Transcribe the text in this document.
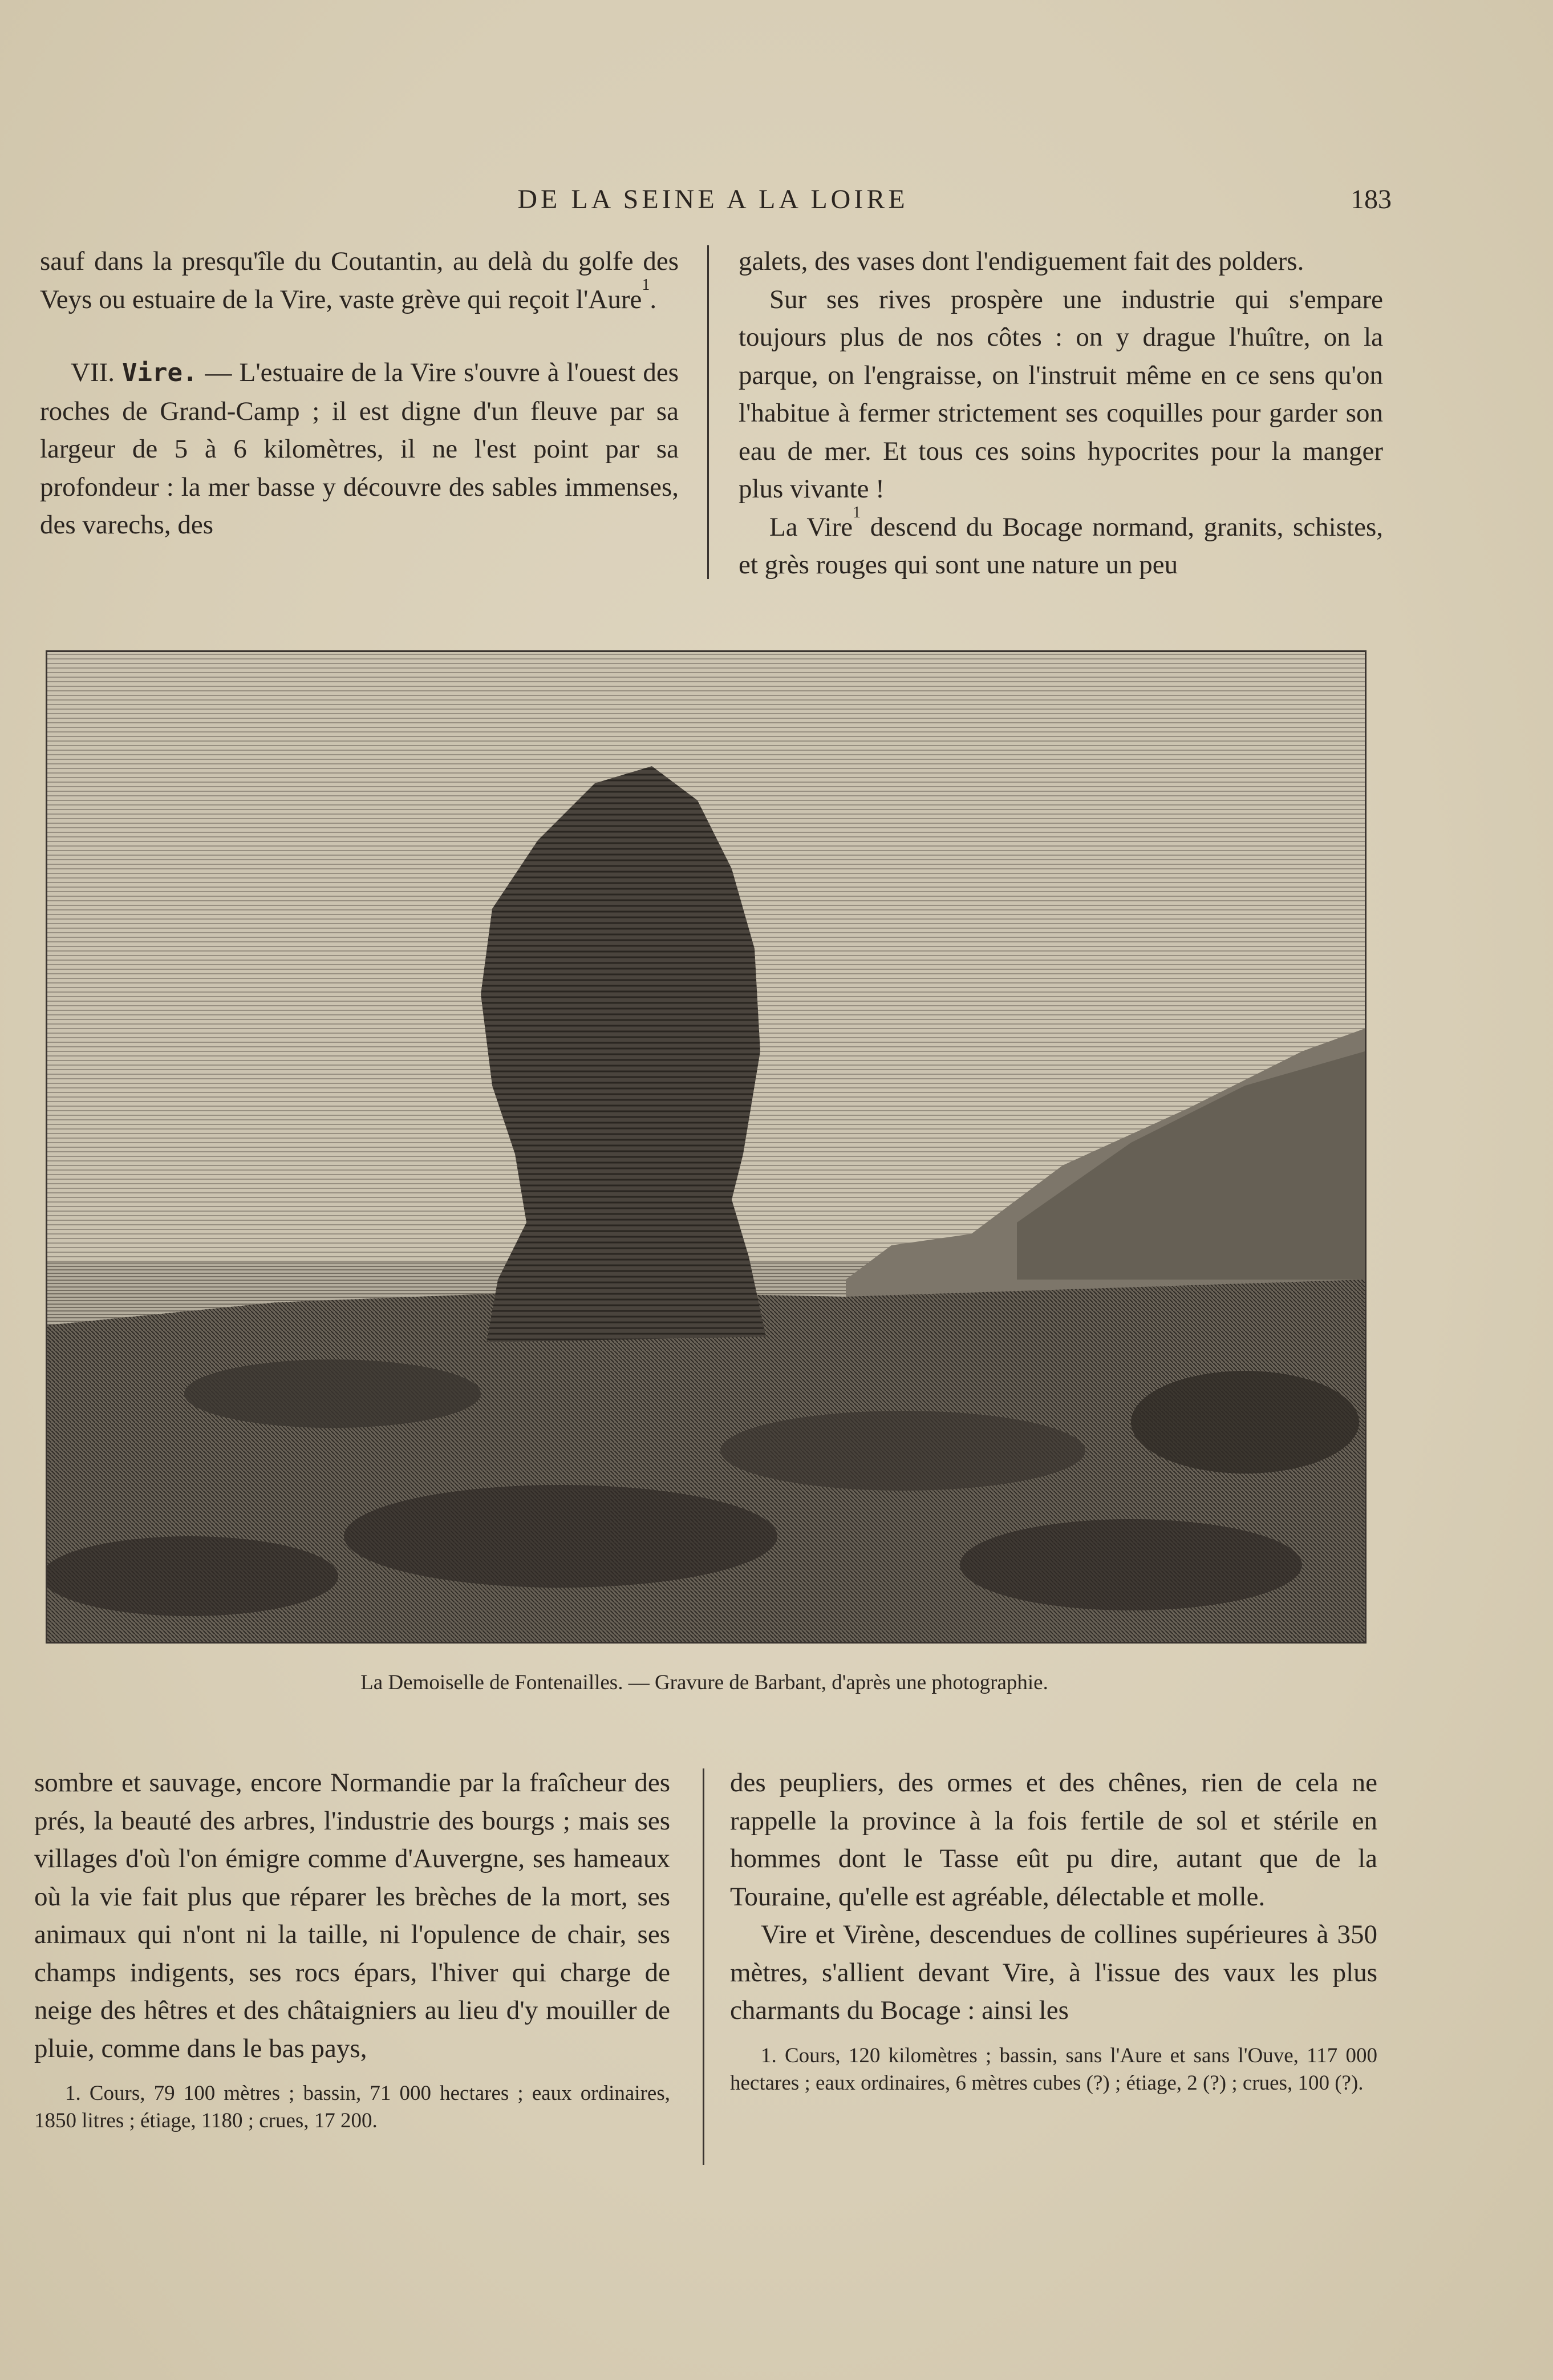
DE LA SEINE A LA LOIRE	183

sauf dans la presqu'île du Coutantin, au delà du golfe des Veys ou estuaire de la Vire, vaste grève qui reçoit l'Aure$^1$.

VII. Vire. — L'estuaire de la Vire s'ouvre à l'ouest des roches de Grand-Camp ; il est digne d'un fleuve par sa largeur de 5 à 6 kilomètres, il ne l'est point par sa profondeur : la mer basse y découvre des sables immenses, des varechs, des

galets, des vases dont l'endiguement fait des polders.

Sur ses rives prospère une industrie qui s'empare toujours plus de nos côtes : on y drague l'huître, on la parque, on l'engraisse, on l'instruit même en ce sens qu'on l'habitue à fermer strictement ses coquilles pour garder son eau de mer. Et tous ces soins hypocrites pour la manger plus vivante !

La Vire$^1$ descend du Bocage normand, granits, schistes, et grès rouges qui sont une nature un peu

La Demoiselle de Fontenailles. — Gravure de Barbant, d'après une photographie.

sombre et sauvage, encore Normandie par la fraîcheur des prés, la beauté des arbres, l'industrie des bourgs ; mais ses villages d'où l'on émigre comme d'Auvergne, ses hameaux où la vie fait plus que réparer les brèches de la mort, ses animaux qui n'ont ni la taille, ni l'opulence de chair, ses champs indigents, ses rocs épars, l'hiver qui charge de neige des hêtres et des châtaigniers au lieu d'y mouiller de pluie, comme dans le bas pays,

1. Cours, 79 100 mètres ; bassin, 71 000 hectares ; eaux ordinaires, 1850 litres ; étiage, 1180 ; crues, 17 200.

des peupliers, des ormes et des chênes, rien de cela ne rappelle la province à la fois fertile de sol et stérile en hommes dont le Tasse eût pu dire, autant que de la Touraine, qu'elle est agréable, délectable et molle.

Vire et Virène, descendues de collines supérieures à 350 mètres, s'allient devant Vire, à l'issue des vaux les plus charmants du Bocage : ainsi les

1. Cours, 120 kilomètres ; bassin, sans l'Aure et sans l'Ouve, 117 000 hectares ; eaux ordinaires, 6 mètres cubes (?) ; étiage, 2 (?) ; crues, 100 (?).
